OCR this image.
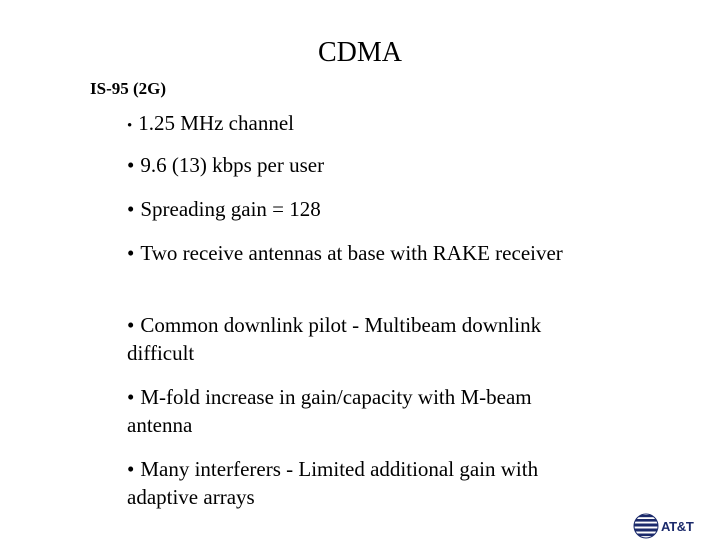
CDMA
IS-95 (2G)
• 1.25 MHz channel
• 9.6 (13) kbps per user
• Spreading gain = 128
• Two receive antennas at base with RAKE receiver
• Common downlink pilot - Multibeam downlink difficult
• M-fold increase in gain/capacity with M-beam antenna
• Many interferers - Limited additional gain with adaptive arrays
AT&T
